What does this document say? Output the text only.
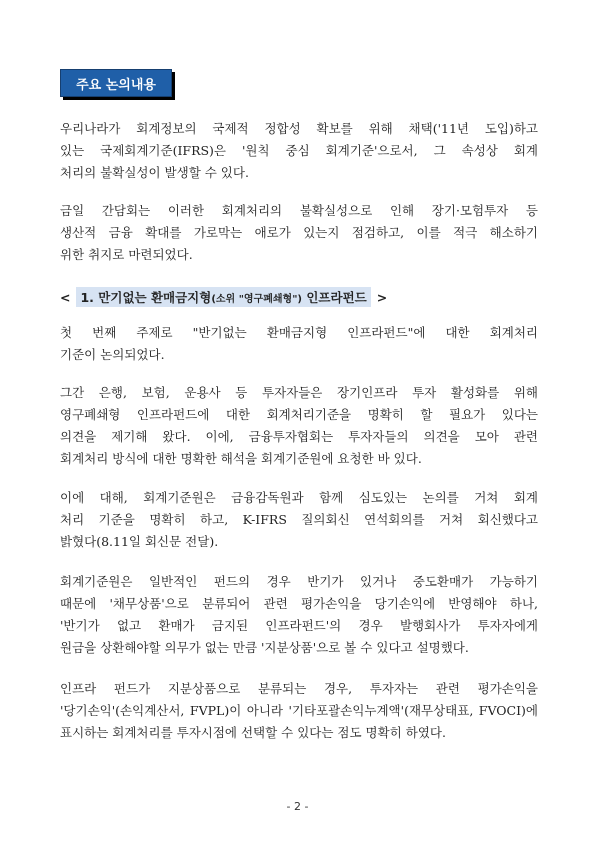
주요 논의내용
우리나라가 회계정보의 국제적 정합성 확보를 위해 채택('11년 도입)하고
있는 국제회계기준(IFRS)은 '원칙 중심 회계기준'으로서, 그 속성상 회계
처리의 불확실성이 발생할 수 있다.
금일 간담회는 이러한 회계처리의 불확실성으로 인해 장기·모험투자 등
생산적 금융 확대를 가로막는 애로가 있는지 점검하고, 이를 적극 해소하기
위한 취지로 마련되었다.
< 1. 만기없는 환매금지형(소위 "영구폐쇄형") 인프라펀드 >
첫 번째 주제로 "반기없는 환매금지형 인프라펀드"에 대한 회계처리
기준이 논의되었다.
그간 은행, 보험, 운용사 등 투자자들은 장기인프라 투자 활성화를 위해
영구폐쇄형 인프라펀드에 대한 회계처리기준을 명확히 할 필요가 있다는
의견을 제기해 왔다. 이에, 금융투자협회는 투자자들의 의견을 모아 관련
회계처리 방식에 대한 명확한 해석을 회계기준원에 요청한 바 있다.
이에 대해, 회계기준원은 금융감독원과 함께 심도있는 논의를 거쳐 회계
처리 기준을 명확히 하고, K-IFRS 질의회신 연석회의를 거쳐 회신했다고
밝혔다(8.11일 회신문 전달).
회계기준원은 일반적인 펀드의 경우 반기가 있거나 중도환매가 가능하기
때문에 '채무상품'으로 분류되어 관련 평가손익을 당기손익에 반영해야 하나,
'반기가 없고 환매가 금지된 인프라펀드'의 경우 발행회사가 투자자에게
원금을 상환해야할 의무가 없는 만큼 '지분상품'으로 볼 수 있다고 설명했다.
인프라 펀드가 지분상품으로 분류되는 경우, 투자자는 관련 평가손익을
'당기손익'(손익계산서, FVPL)이 아니라 '기타포괄손익누계액'(재무상태표, FVOCI)에
표시하는 회계처리를 투자시점에 선택할 수 있다는 점도 명확히 하였다.
- 2 -
